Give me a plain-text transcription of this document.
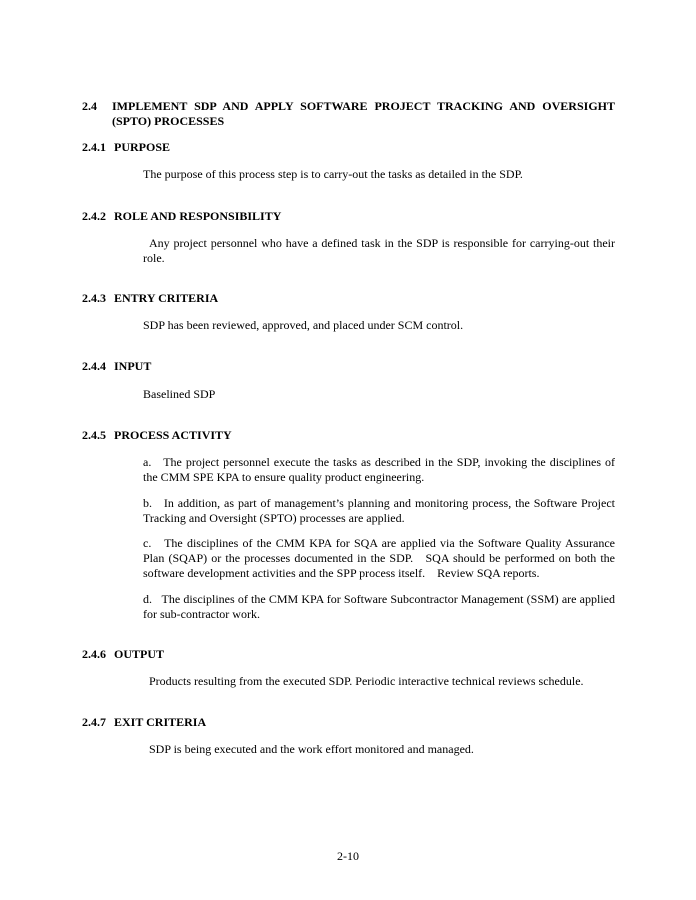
2.4 IMPLEMENT SDP AND APPLY SOFTWARE PROJECT TRACKING AND OVERSIGHT (SPTO) PROCESSES
2.4.1 PURPOSE
The purpose of this process step is to carry-out the tasks as detailed in the SDP.
2.4.2 ROLE AND RESPONSIBILITY
Any project personnel who have a defined task in the SDP is responsible for carrying-out their role.
2.4.3 ENTRY CRITERIA
SDP has been reviewed, approved, and placed under SCM control.
2.4.4 INPUT
Baselined SDP
2.4.5 PROCESS ACTIVITY
a.   The project personnel execute the tasks as described in the SDP, invoking the disciplines of the CMM SPE KPA to ensure quality product engineering.
b.   In addition, as part of management’s planning and monitoring process, the Software Project Tracking and Oversight (SPTO) processes are applied.
c.   The disciplines of the CMM KPA for SQA are applied via the Software Quality Assurance Plan (SQAP) or the processes documented in the SDP.   SQA should be performed on both the software development activities and the SPP process itself.    Review SQA reports.
d.   The disciplines of the CMM KPA for Software Subcontractor Management (SSM) are applied for sub-contractor work.
2.4.6 OUTPUT
Products resulting from the executed SDP. Periodic interactive technical reviews schedule.
2.4.7 EXIT CRITERIA
SDP is being executed and the work effort monitored and managed.
2-10
